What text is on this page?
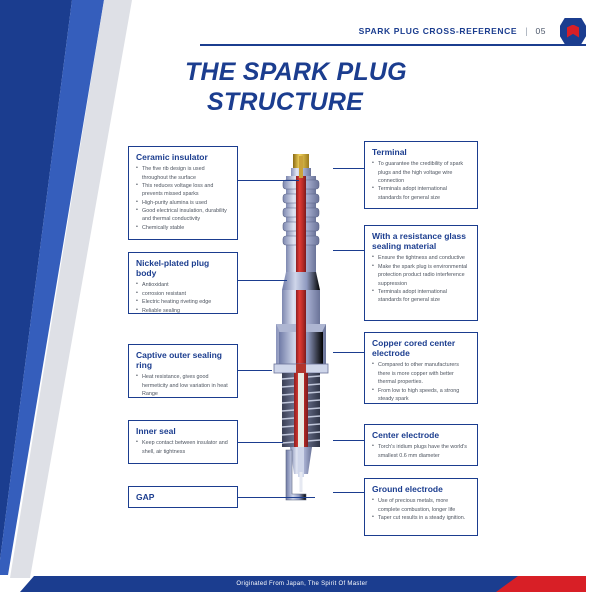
SPARK PLUG CROSS-REFERENCE | 05
THE SPARK PLUG
STRUCTURE
Ceramic insulator
• The five rib design is used throughout the surface
• This reduces voltage loss and prevents missed sparks
• High-purity alumina is used
• Good electrical insulation, durability and thermal conductivity
• Chemically stable
Nickel-plated plug body
• Antioxidant
• corrosion resistant
• Electric heating riveting edge
• Reliable sealing
Captive outer sealing ring
• Heat resistance, gives good hermeticity and low variation in heat Range
Inner seal
• Keep contact between insulator and shell, air tightness
GAP
Terminal
• To guarantee the credibility of spark plugs and the high voltage wire connection
• Terminals adopt international standards for general size
With a resistance glass sealing material
• Ensure the tightness and conductive
• Make the spark plug is environmental protection product radio interference suppression
• Terminals adopt international standards for general size
Copper cored center electrode
• Compared to other manufacturers there is more copper with better thermal properties.
• From low to high speeds, a strong steady spark
Center electrode
• Torch's iridium plugs have the world's smallest 0.6 mm diameter
Ground electrode
• Use of precious metals, more complete combustion, longer life
• Taper cut results in a steady ignition.
Originated From Japan, The Spirit Of Master
